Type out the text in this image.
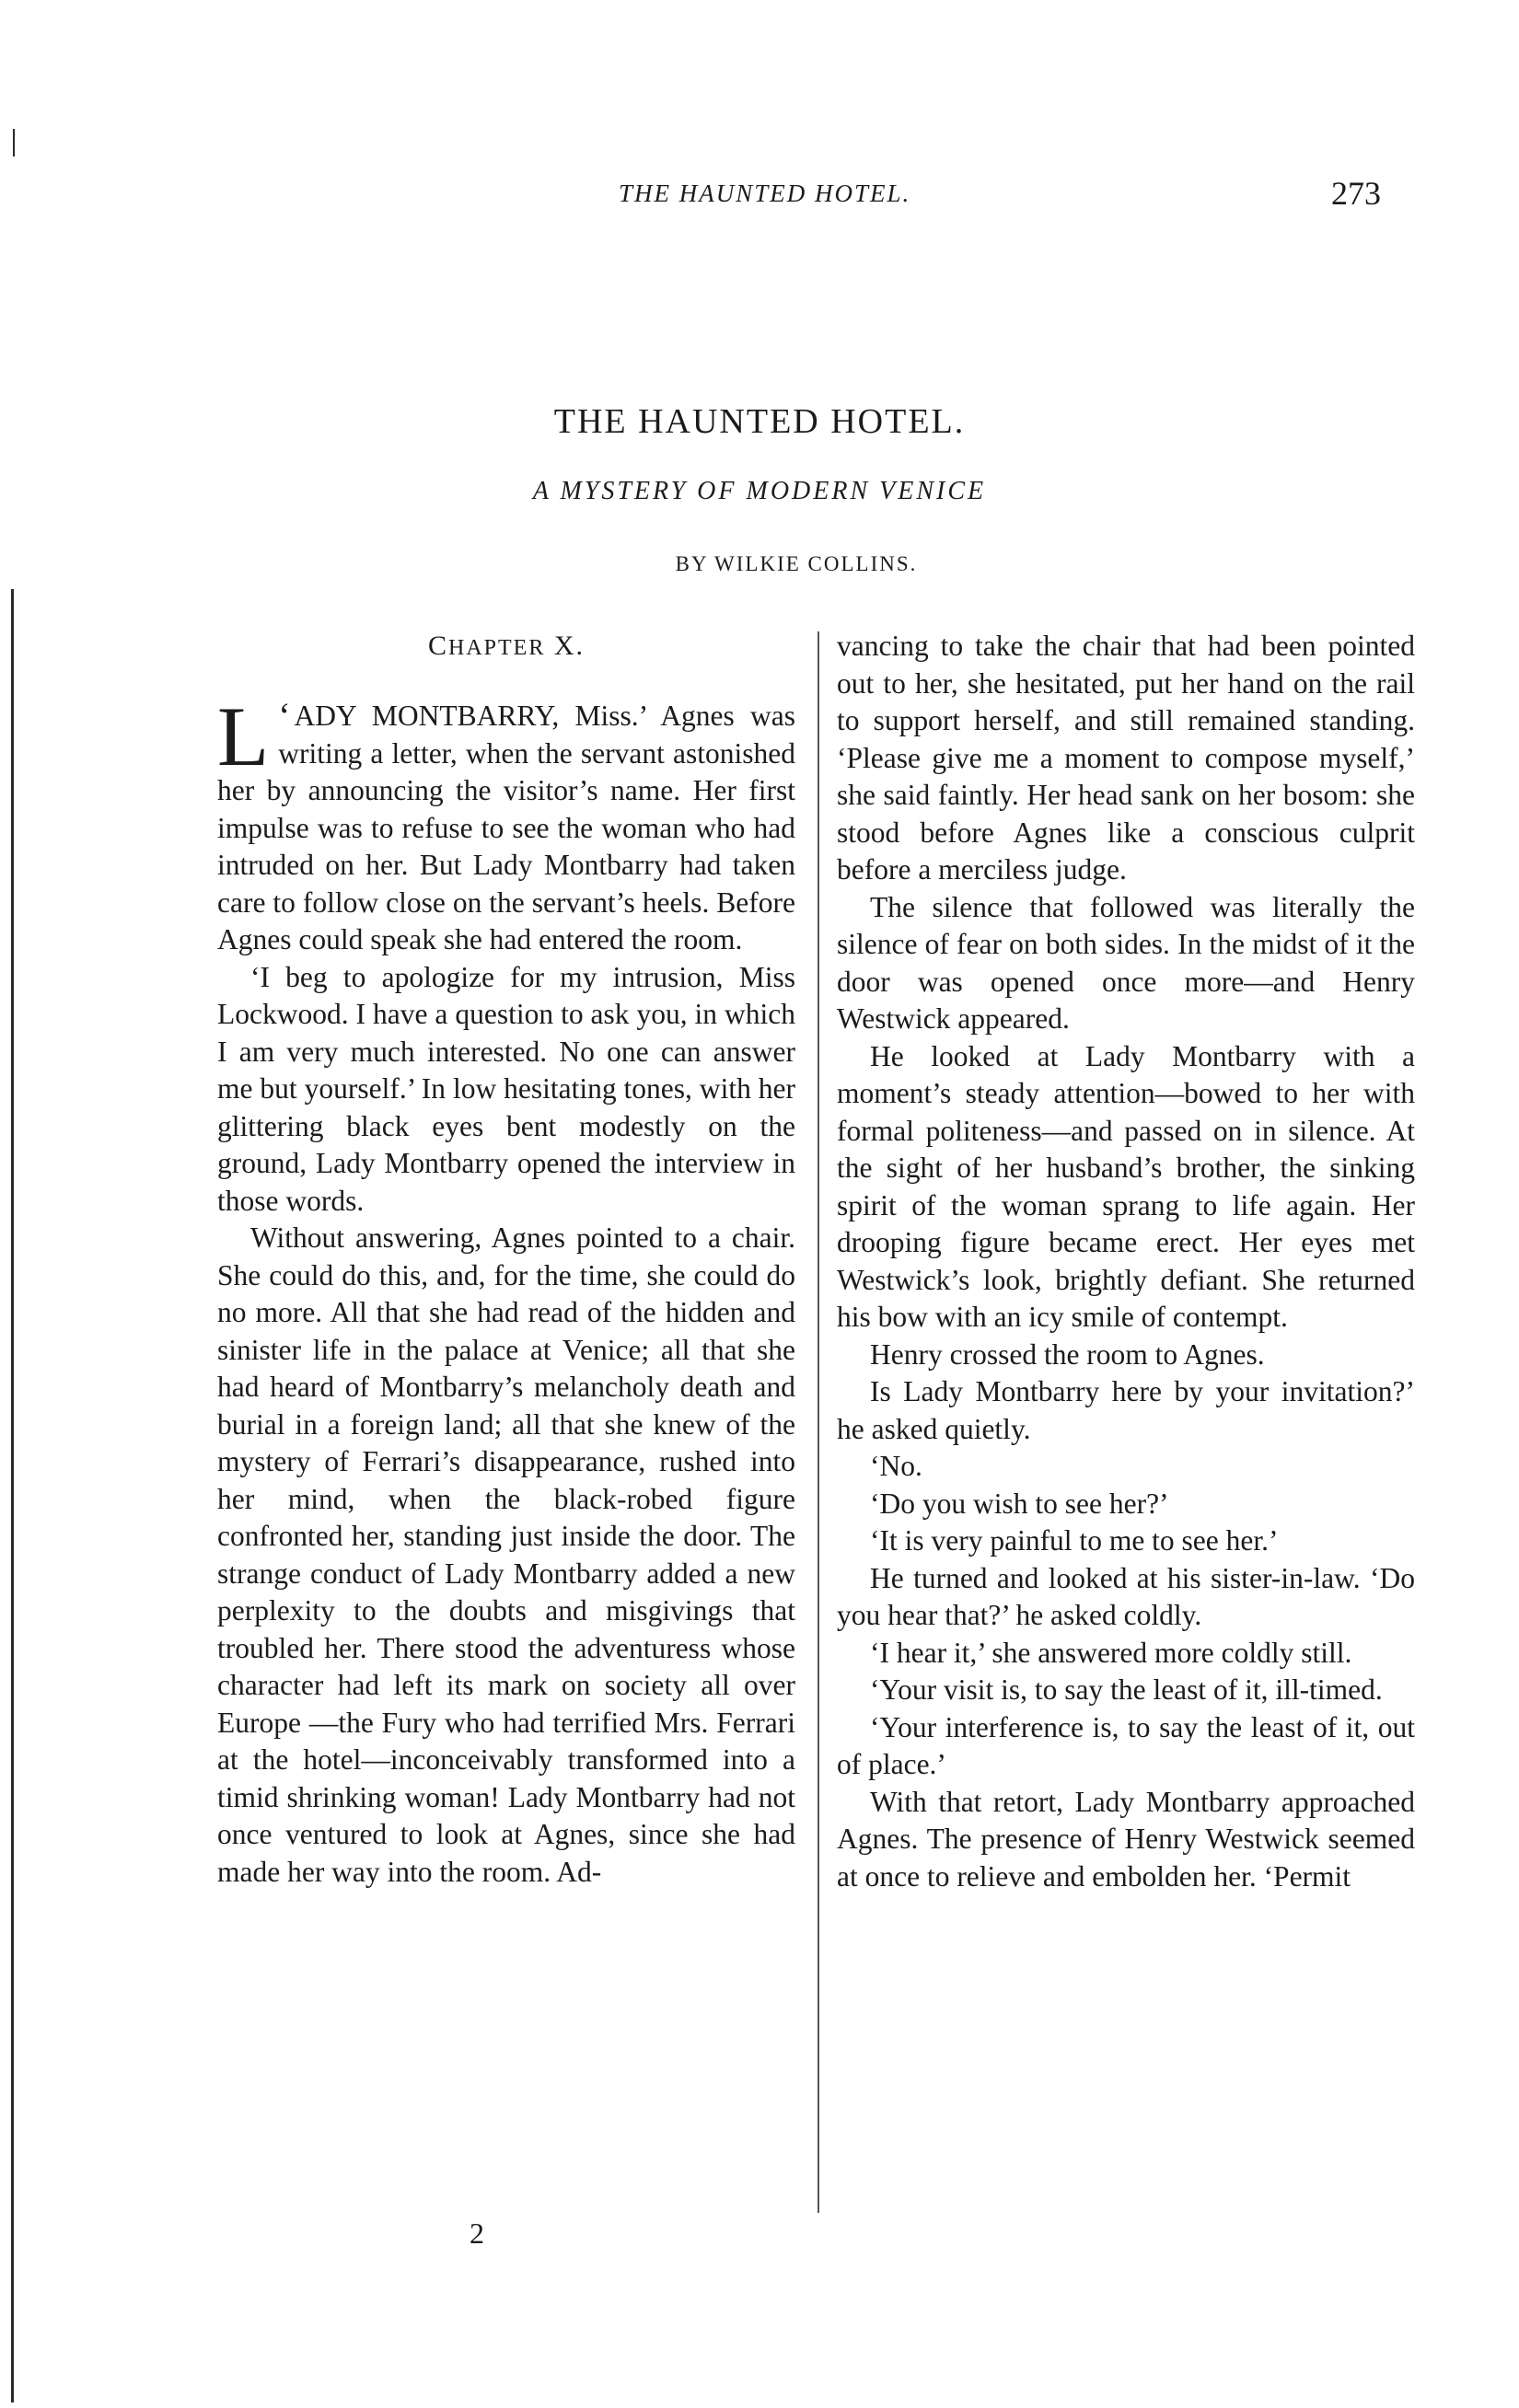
THE HAUNTED HOTEL.	273
THE HAUNTED HOTEL.
A MYSTERY OF MODERN VENICE
BY WILKIE COLLINS.
CHAPTER X.

‘
L ADY MONTBARRY, Miss.’ Agnes was writing a letter, when the servant astonished her by announcing the visitor’s name. Her first impulse was to refuse to see the woman who had intruded on her. But Lady Montbarry had taken care to follow close on the servant’s heels. Before Agnes could speak she had entered the room.

‘I beg to apologize for my intrusion, Miss Lockwood. I have a question to ask you, in which I am very much interested. No one can answer me but yourself.’ In low hesitating tones, with her glittering black eyes bent modestly on the ground, Lady Montbarry opened the interview in those words.

Without answering, Agnes pointed to a chair. She could do this, and, for the time, she could do no more. All that she had read of the hidden and sinister life in the palace at Venice; all that she had heard of Montbarry’s melancholy death and burial in a foreign land; all that she knew of the mystery of Ferrari’s disappearance, rushed into her mind, when the black-robed figure confronted her, standing just inside the door. The strange conduct of Lady Montbarry added a new perplexity to the doubts and misgivings that troubled her. There stood the adventuress whose character had left its mark on society all over Europe —the Fury who had terrified Mrs. Ferrari at the hotel—inconceivably transformed into a timid shrinking woman! Lady Montbarry had not once ventured to look at Agnes, since she had made her way into the room. Ad-

vancing to take the chair that had been pointed out to her, she hesitated, put her hand on the rail to support herself, and still remained standing. ‘Please give me a moment to compose myself,’ she said faintly. Her head sank on her bosom: she stood before Agnes like a conscious culprit before a merciless judge.

The silence that followed was literally the silence of fear on both sides. In the midst of it the door was opened once more—and Henry Westwick appeared.

He looked at Lady Montbarry with a moment’s steady attention—bowed to her with formal politeness—and passed on in silence. At the sight of her husband’s brother, the sinking spirit of the woman sprang to life again. Her drooping figure became erect. Her eyes met Westwick’s look, brightly defiant. She returned his bow with an icy smile of contempt.

Henry crossed the room to Agnes.

Is Lady Montbarry here by your invitation?’ he asked quietly.

‘No.

‘Do you wish to see her?’

‘It is very painful to me to see her.’

He turned and looked at his sister-in-law. ‘Do you hear that?’ he asked coldly.

‘I hear it,’ she answered more coldly still.

‘Your visit is, to say the least of it, ill-timed.

‘Your interference is, to say the least of it, out of place.’

With that retort, Lady Montbarry approached Agnes. The presence of Henry Westwick seemed at once to relieve and embolden her. ‘Permit

2
